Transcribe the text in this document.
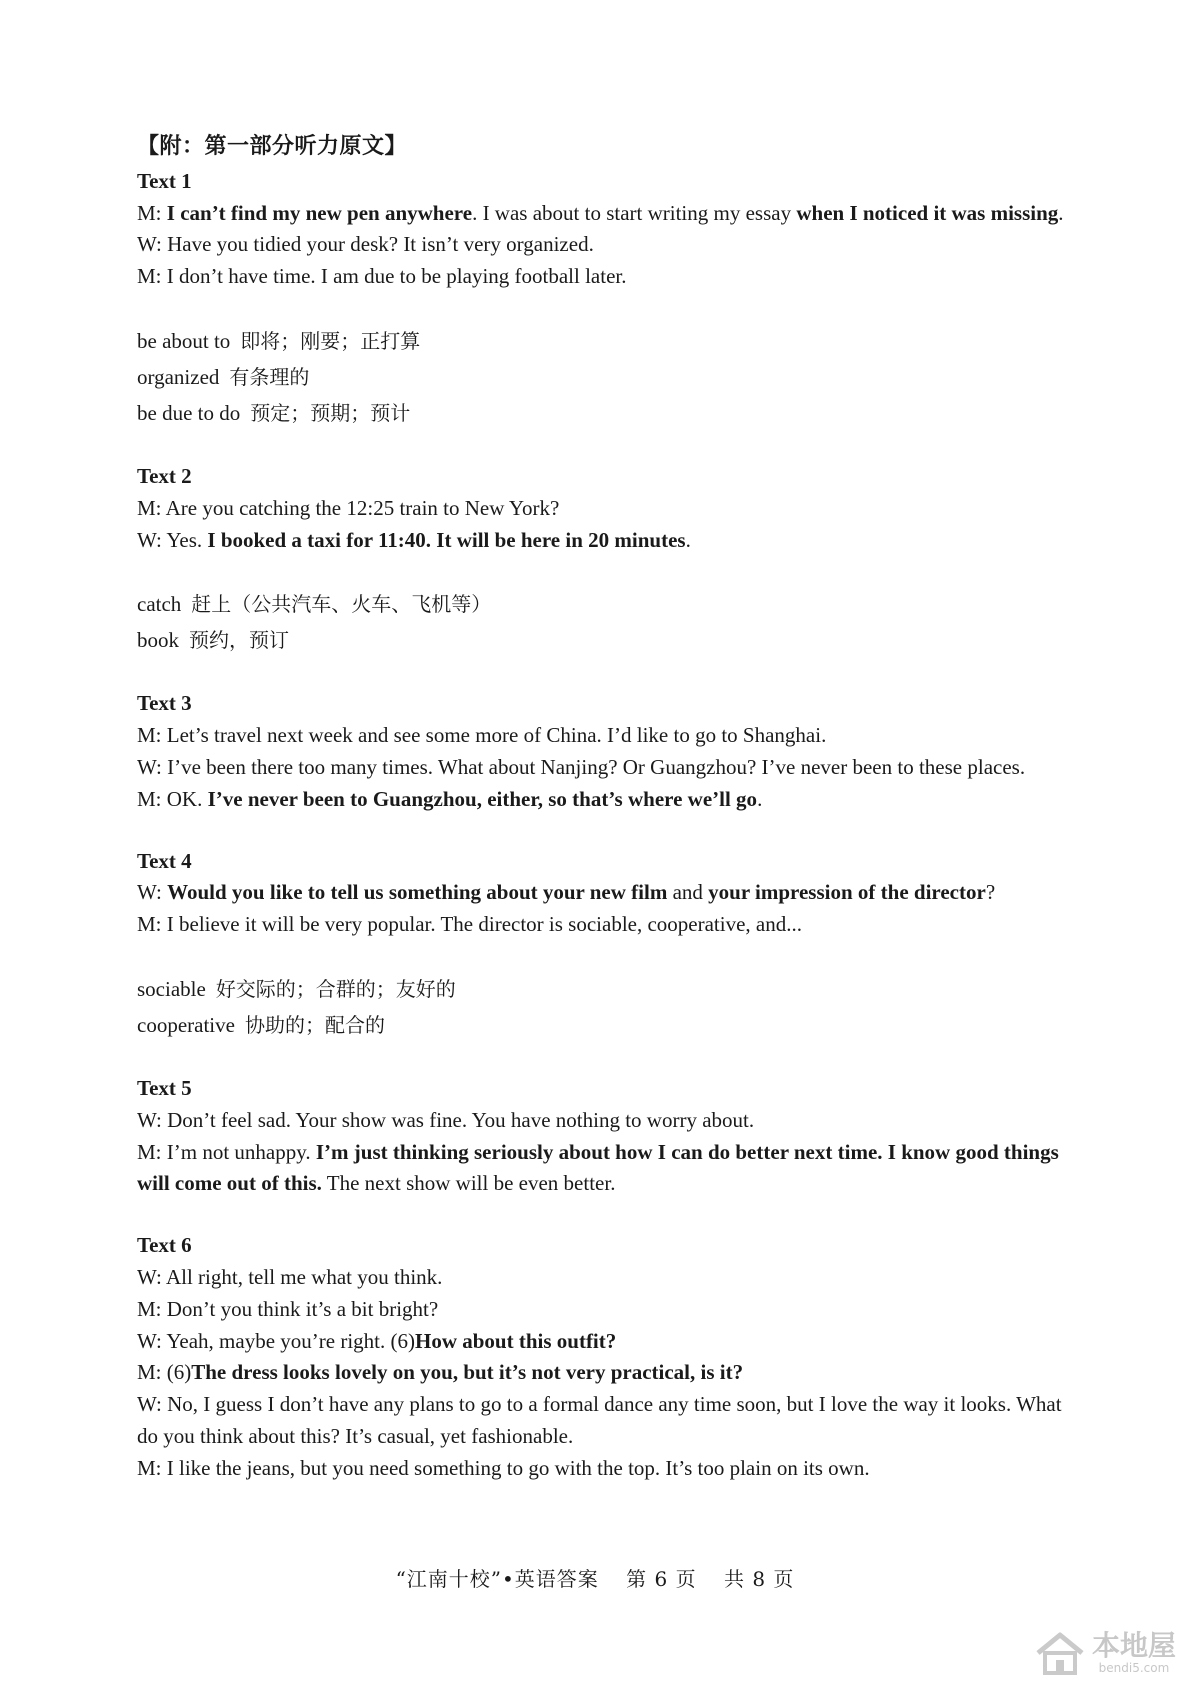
【附：第一部分听力原文】
Text 1
M: I can’t find my new pen anywhere. I was about to start writing my essay when I noticed it was missing.
W: Have you tidied your desk? It isn’t very organized.
M: I don’t have time. I am due to be playing football later.
be about to 即将；刚要；正打算
organized 有条理的
be due to do 预定；预期；预计
Text 2
M: Are you catching the 12:25 train to New York?
W: Yes. I booked a taxi for 11:40. It will be here in 20 minutes.
catch 赶上（公共汽车、火车、飞机等）
book 预约，预订
Text 3
M: Let’s travel next week and see some more of China. I’d like to go to Shanghai.
W: I’ve been there too many times. What about Nanjing? Or Guangzhou? I’ve never been to these places.
M: OK. I’ve never been to Guangzhou, either, so that’s where we’ll go.
Text 4
W: Would you like to tell us something about your new film and your impression of the director?
M: I believe it will be very popular. The director is sociable, cooperative, and...
sociable 好交际的；合群的；友好的
cooperative 协助的；配合的
Text 5
W: Don’t feel sad. Your show was fine. You have nothing to worry about.
M: I’m not unhappy. I’m just thinking seriously about how I can do better next time. I know good things will come out of this. The next show will be even better.
Text 6
W: All right, tell me what you think.
M: Don’t you think it’s a bit bright?
W: Yeah, maybe you’re right. (6)How about this outfit?
M: (6)The dress looks lovely on you, but it’s not very practical, is it?
W: No, I guess I don’t have any plans to go to a formal dance any time soon, but I love the way it looks. What do you think about this? It’s casual, yet fashionable.
M: I like the jeans, but you need something to go with the top. It’s too plain on its own.
“江南十校”•英语答案 第 6 页 共 8 页
本地屋
bendi5.com
